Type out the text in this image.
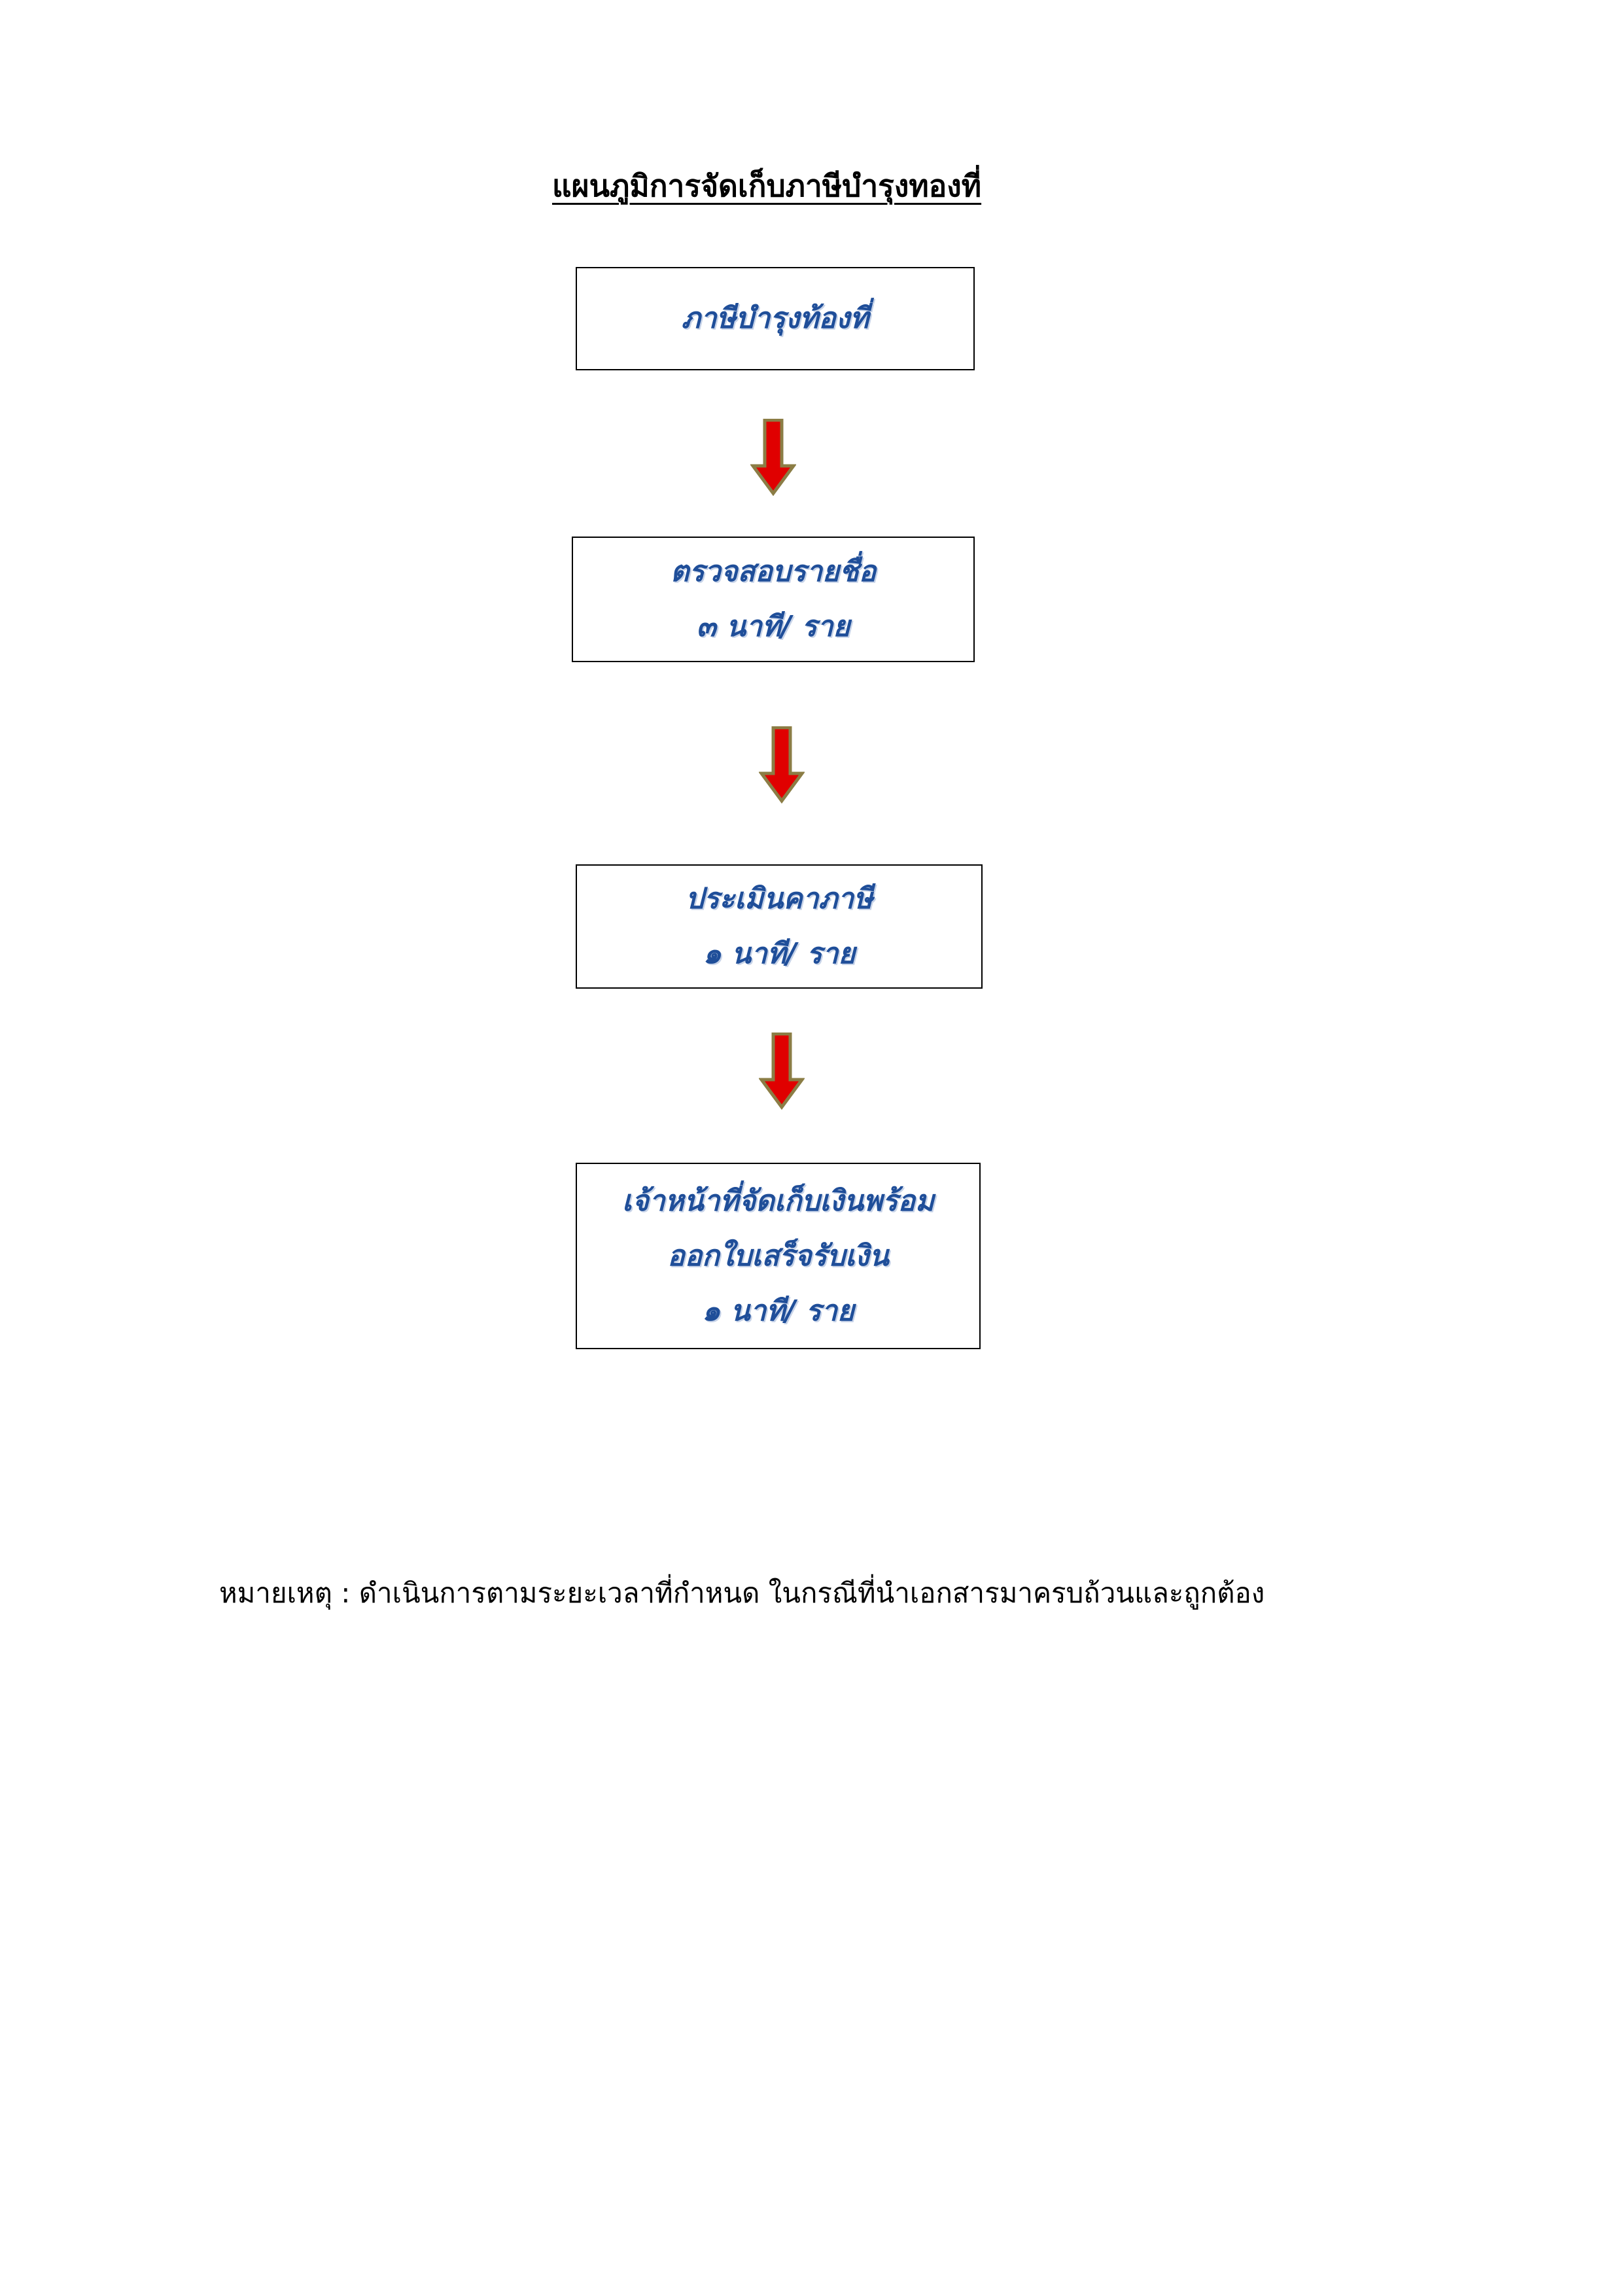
แผนภูมิการจัดเก็บภาษีบำรุงทองที่
ภาษีบำรุงท้องที่
ตรวจสอบรายชื่อ
๓ นาที/ ราย
ประเมินคาภาษี
๑ นาที/ ราย
เจ้าหน้าที่จัดเก็บเงินพร้อม
ออกใบเสร็จรับเงิน
๑ นาที/ ราย
หมายเหตุ : ดำเนินการตามระยะเวลาที่กำหนด ในกรณีที่นำเอกสารมาครบถ้วนและถูกต้อง
